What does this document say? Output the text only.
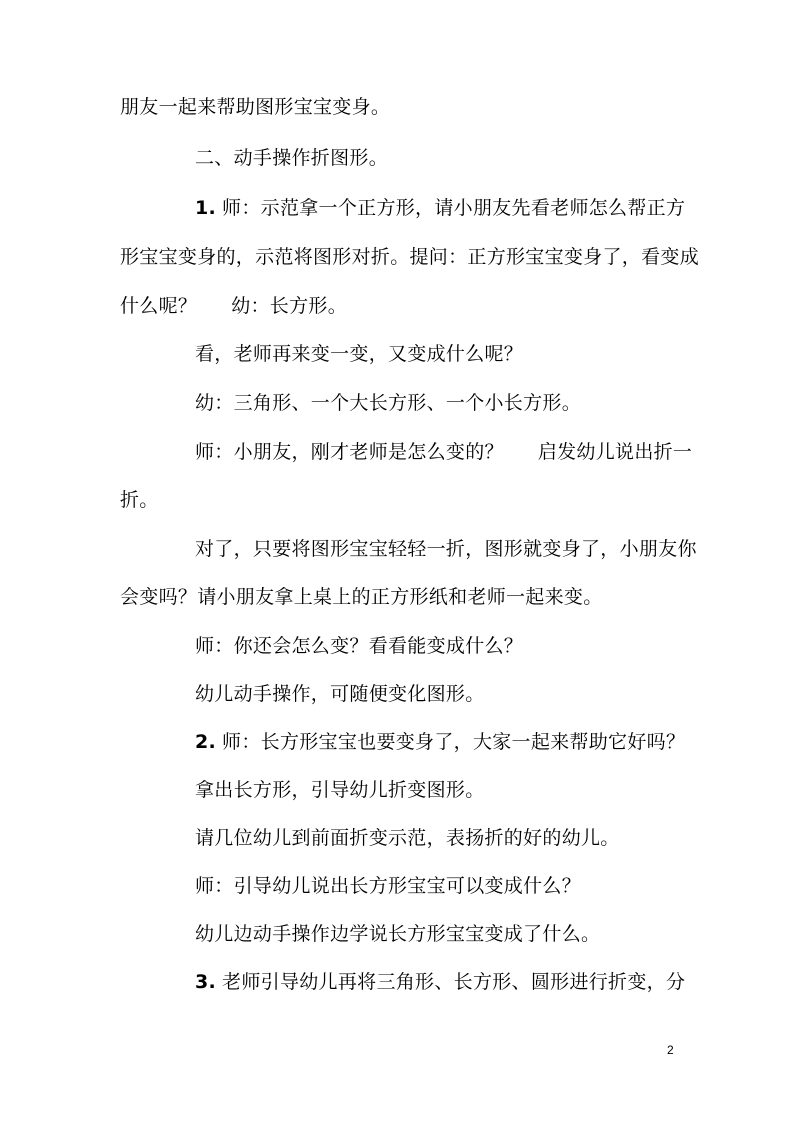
朋友一起来帮助图形宝宝变身。
二、动手操作折图形。
1. 师：示范拿一个正方形，请小朋友先看老师怎么帮正方
形宝宝变身的，示范将图形对折。提问：正方形宝宝变身了，看变成
什么呢？ 幼：长方形。
看，老师再来变一变，又变成什么呢？
幼：三角形、一个大长方形、一个小长方形。
师：小朋友，刚才老师是怎么变的？ 启发幼儿说出折一
折。
对了，只要将图形宝宝轻轻一折，图形就变身了，小朋友你
会变吗？请小朋友拿上桌上的正方形纸和老师一起来变。
师：你还会怎么变？看看能变成什么？
幼儿动手操作，可随便变化图形。
2. 师：长方形宝宝也要变身了，大家一起来帮助它好吗？
拿出长方形，引导幼儿折变图形。
请几位幼儿到前面折变示范，表扬折的好的幼儿。
师：引导幼儿说出长方形宝宝可以变成什么？
幼儿边动手操作边学说长方形宝宝变成了什么。
3. 老师引导幼儿再将三角形、长方形、圆形进行折变，分
2
